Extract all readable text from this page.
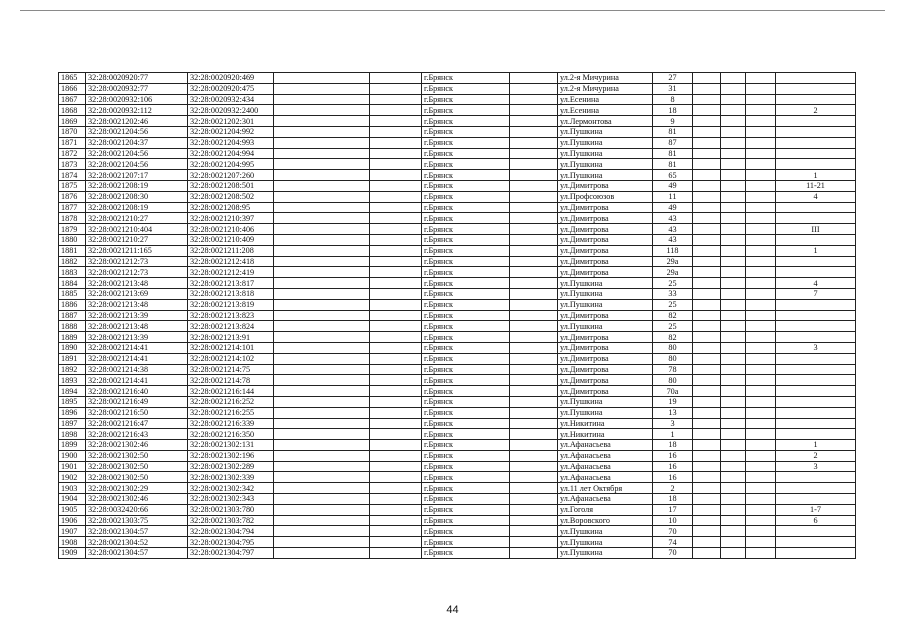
1865	32:28:0020920:77	32:28:0020920:469			г.Брянск		ул.2-я Мичурина	27				
1866	32:28:0020932:77	32:28:0020920:475			г.Брянск		ул.2-я Мичурина	31				
1867	32:28:0020932:106	32:28:0020932:434			г.Брянск		ул.Есенина	8				
1868	32:28:0020932:112	32:28:0020932:2400			г.Брянск		ул.Есенина	18				2
1869	32:28:0021202:46	32:28:0021202:301			г.Брянск		ул.Лермонтова	9				
1870	32:28:0021204:56	32:28:0021204:992			г.Брянск		ул.Пушкина	81				
1871	32:28:0021204:37	32:28:0021204:993			г.Брянск		ул.Пушкина	87				
1872	32:28:0021204:56	32:28:0021204:994			г.Брянск		ул.Пушкина	81				
1873	32:28:0021204:56	32:28:0021204:995			г.Брянск		ул.Пушкина	81				
1874	32:28:0021207:17	32:28:0021207:260			г.Брянск		ул.Пушкина	65				1
1875	32:28:0021208:19	32:28:0021208:501			г.Брянск		ул.Димитрова	49				11-21
1876	32:28:0021208:30	32:28:0021208:502			г.Брянск		ул.Профсоюзов	11				4
1877	32:28:0021208:19	32:28:0021208:95			г.Брянск		ул.Димитрова	49				
1878	32:28:0021210:27	32:28:0021210:397			г.Брянск		ул.Димитрова	43				
1879	32:28:0021210:404	32:28:0021210:406			г.Брянск		ул.Димитрова	43				III
1880	32:28:0021210:27	32:28:0021210:409			г.Брянск		ул.Димитрова	43				
1881	32:28:0021211:165	32:28:0021211:208			г.Брянск		ул.Димитрова	118				1
1882	32:28:0021212:73	32:28:0021212:418			г.Брянск		ул.Димитрова	29а				
1883	32:28:0021212:73	32:28:0021212:419			г.Брянск		ул.Димитрова	29а				
1884	32:28:0021213:48	32:28:0021213:817			г.Брянск		ул.Пушкина	25				4
1885	32:28:0021213:69	32:28:0021213:818			г.Брянск		ул.Пушкина	33				7
1886	32:28:0021213:48	32:28:0021213:819			г.Брянск		ул.Пушкина	25				
1887	32:28:0021213:39	32:28:0021213:823			г.Брянск		ул.Димитрова	82				
1888	32:28:0021213:48	32:28:0021213:824			г.Брянск		ул.Пушкина	25				
1889	32:28:0021213:39	32:28:0021213:91			г.Брянск		ул.Димитрова	82				
1890	32:28:0021214:41	32:28:0021214:101			г.Брянск		ул.Димитрова	80				3
1891	32:28:0021214:41	32:28:0021214:102			г.Брянск		ул.Димитрова	80				
1892	32:28:0021214:38	32:28:0021214:75			г.Брянск		ул.Димитрова	78				
1893	32:28:0021214:41	32:28:0021214:78			г.Брянск		ул.Димитрова	80				
1894	32:28:0021216:40	32:28:0021216:144			г.Брянск		ул.Димитрова	70а				
1895	32:28:0021216:49	32:28:0021216:252			г.Брянск		ул.Пушкина	19				
1896	32:28:0021216:50	32:28:0021216:255			г.Брянск		ул.Пушкина	13				
1897	32:28:0021216:47	32:28:0021216:339			г.Брянск		ул.Никитина	3				
1898	32:28:0021216:43	32:28:0021216:350			г.Брянск		ул.Никитина	1				
1899	32:28:0021302:46	32:28:0021302:131			г.Брянск		ул.Афанасьева	18				1
1900	32:28:0021302:50	32:28:0021302:196			г.Брянск		ул.Афанасьева	16				2
1901	32:28:0021302:50	32:28:0021302:289			г.Брянск		ул.Афанасьева	16				3
1902	32:28:0021302:50	32:28:0021302:339			г.Брянск		ул.Афанасьева	16				
1903	32:28:0021302:29	32:28:0021302:342			г.Брянск		ул.11 лет Октября	2				
1904	32:28:0021302:46	32:28:0021302:343			г.Брянск		ул.Афанасьева	18				
1905	32:28:0032420:66	32:28:0021303:780			г.Брянск		ул.Гоголя	17				1-7
1906	32:28:0021303:75	32:28:0021303:782			г.Брянск		ул.Воровского	10				6
1907	32:28:0021304:57	32:28:0021304:794			г.Брянск		ул.Пушкина	70				
1908	32:28:0021304:52	32:28:0021304:795			г.Брянск		ул.Пушкина	74				
1909	32:28:0021304:57	32:28:0021304:797			г.Брянск		ул.Пушкина	70				
44
